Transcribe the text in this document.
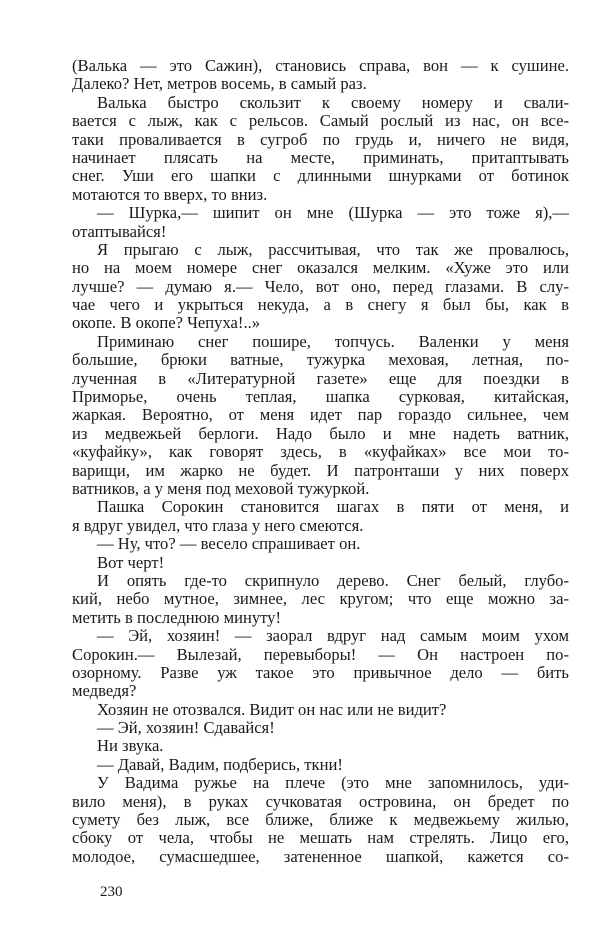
(Валька — это Сажин), становись справа, вон — к сушине.
Далеко? Нет, метров восемь, в самый раз.
Валька быстро скользит к своему номеру и свали-
вается с лыж, как с рельсов. Самый рослый из нас, он все-
таки проваливается в сугроб по грудь и, ничего не видя,
начинает плясать на месте, приминать, притаптывать
снег. Уши его шапки с длинными шнурками от ботинок
мотаются то вверх, то вниз.
— Шурка,— шипит он мне (Шурка — это тоже я),—
отаптывайся!
Я прыгаю с лыж, рассчитывая, что так же провалюсь,
но на моем номере снег оказался мелким. «Хуже это или
лучше? — думаю я.— Чело, вот оно, перед глазами. В слу-
чае чего и укрыться некуда, а в снегу я был бы, как в
окопе. В окопе? Чепуха!..»
Приминаю снег пошире, топчусь. Валенки у меня
большие, брюки ватные, тужурка меховая, летная, по-
лученная в «Литературной газете» еще для поездки в
Приморье, очень теплая, шапка сурковая, китайская,
жаркая. Вероятно, от меня идет пар гораздо сильнее, чем
из медвежьей берлоги. Надо было и мне надеть ватник,
«куфайку», как говорят здесь, в «куфайках» все мои то-
варищи, им жарко не будет. И патронташи у них поверх
ватников, а у меня под меховой тужуркой.
Пашка Сорокин становится шагах в пяти от меня, и
я вдруг увидел, что глаза у него смеются.
— Ну, что? — весело спрашивает он.
Вот черт!
И опять где-то скрипнуло дерево. Снег белый, глубо-
кий, небо мутное, зимнее, лес кругом; что еще можно за-
метить в последнюю минуту!
— Эй, хозяин! — заорал вдруг над самым моим ухом
Сорокин.— Вылезай, перевыборы! — Он настроен по-
озорному. Разве уж такое это привычное дело — бить
медведя?
Хозяин не отозвался. Видит он нас или не видит?
— Эй, хозяин! Сдавайся!
Ни звука.
— Давай, Вадим, подберись, ткни!
У Вадима ружье на плече (это мне запомнилось, уди-
вило меня), в руках сучковатая островина, он бредет по
сумету без лыж, все ближе, ближе к медвежьему жилью,
сбоку от чела, чтобы не мешать нам стрелять. Лицо его,
молодое, сумасшедшее, затененное шапкой, кажется со-
230
